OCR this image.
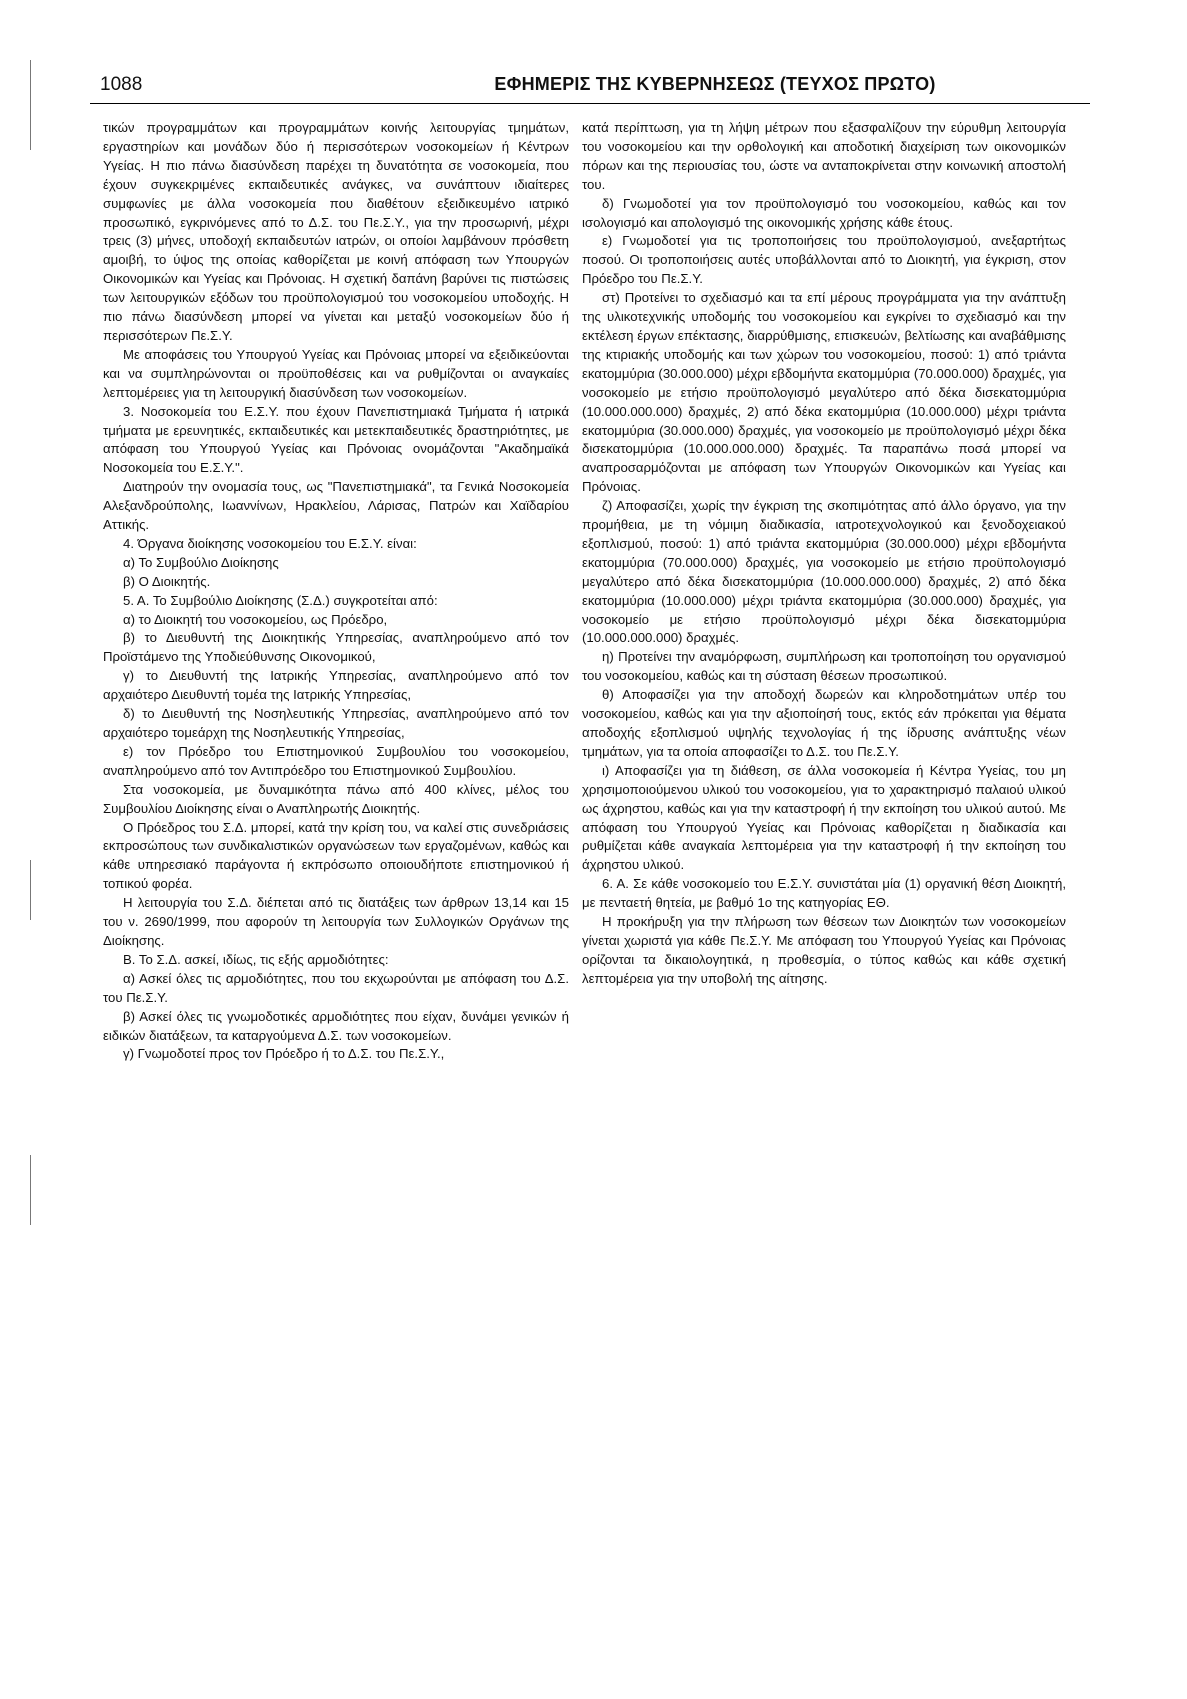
1088	ΕΦΗΜΕΡΙΣ ΤΗΣ ΚΥΒΕΡΝΗΣΕΩΣ (ΤΕΥΧΟΣ ΠΡΩΤΟ)

τικών προγραμμάτων και προγραμμάτων κοινής λειτουργίας τμημάτων, εργαστηρίων και μονάδων δύο ή περισσότερων νοσοκομείων ή Κέντρων Υγείας. Η πιο πάνω διασύνδεση παρέχει τη δυνατότητα σε νοσοκομεία, που έχουν συγκεκριμένες εκπαιδευτικές ανάγκες, να συνάπτουν ιδιαίτερες συμφωνίες με άλλα νοσοκομεία που διαθέτουν εξειδικευμένο ιατρικό προσωπικό, εγκρινόμενες από το Δ.Σ. του Πε.Σ.Υ., για την προσωρινή, μέχρι τρεις (3) μήνες, υποδοχή εκπαιδευτών ιατρών, οι οποίοι λαμβάνουν πρόσθετη αμοιβή, το ύψος της οποίας καθορίζεται με κοινή απόφαση των Υπουργών Οικονομικών και Υγείας και Πρόνοιας. Η σχετική δαπάνη βαρύνει τις πιστώσεις των λειτουργικών εξόδων του προϋπολογισμού του νοσοκομείου υποδοχής. Η πιο πάνω διασύνδεση μπορεί να γίνεται και μεταξύ νοσοκομείων δύο ή περισσότερων Πε.Σ.Υ.

Με αποφάσεις του Υπουργού Υγείας και Πρόνοιας μπορεί να εξειδικεύονται και να συμπληρώνονται οι προϋποθέσεις και να ρυθμίζονται οι αναγκαίες λεπτομέρειες για τη λειτουργική διασύνδεση των νοσοκομείων.

3. Νοσοκομεία του Ε.Σ.Υ. που έχουν Πανεπιστημιακά Τμήματα ή ιατρικά τμήματα με ερευνητικές, εκπαιδευτικές και μετεκπαιδευτικές δραστηριότητες, με απόφαση του Υπουργού Υγείας και Πρόνοιας ονομάζονται "Ακαδημαϊκά Νοσοκομεία του Ε.Σ.Υ.".

Διατηρούν την ονομασία τους, ως "Πανεπιστημιακά", τα Γενικά Νοσοκομεία Αλεξανδρούπολης, Ιωαννίνων, Ηρακλείου, Λάρισας, Πατρών και Χαϊδαρίου Αττικής.

4. Όργανα διοίκησης νοσοκομείου του Ε.Σ.Υ. είναι:

α) Το Συμβούλιο Διοίκησης

β) Ο Διοικητής.

5. Α. Το Συμβούλιο Διοίκησης (Σ.Δ.) συγκροτείται από:

α) το Διοικητή του νοσοκομείου, ως Πρόεδρο,

β) το Διευθυντή της Διοικητικής Υπηρεσίας, αναπληρούμενο από τον Προϊστάμενο της Υποδιεύθυνσης Οικονομικού,

γ) το Διευθυντή της Ιατρικής Υπηρεσίας, αναπληρούμενο από τον αρχαιότερο Διευθυντή τομέα της Ιατρικής Υπηρεσίας,

δ) το Διευθυντή της Νοσηλευτικής Υπηρεσίας, αναπληρούμενο από τον αρχαιότερο τομεάρχη της Νοσηλευτικής Υπηρεσίας,

ε) τον Πρόεδρο του Επιστημονικού Συμβουλίου του νοσοκομείου, αναπληρούμενο από τον Αντιπρόεδρο του Επιστημονικού Συμβουλίου.

Στα νοσοκομεία, με δυναμικότητα πάνω από 400 κλίνες, μέλος του Συμβουλίου Διοίκησης είναι ο Αναπληρωτής Διοικητής.

Ο Πρόεδρος του Σ.Δ. μπορεί, κατά την κρίση του, να καλεί στις συνεδριάσεις εκπροσώπους των συνδικαλιστικών οργανώσεων των εργαζομένων, καθώς και κάθε υπηρεσιακό παράγοντα ή εκπρόσωπο οποιουδήποτε επιστημονικού ή τοπικού φορέα.

Η λειτουργία του Σ.Δ. διέπεται από τις διατάξεις των άρθρων 13,14 και 15 του ν. 2690/1999, που αφορούν τη λειτουργία των Συλλογικών Οργάνων της Διοίκησης.

Β. Το Σ.Δ. ασκεί, ιδίως, τις εξής αρμοδιότητες:

α) Ασκεί όλες τις αρμοδιότητες, που του εκχωρούνται με απόφαση του Δ.Σ. του Πε.Σ.Υ.

β) Ασκεί όλες τις γνωμοδοτικές αρμοδιότητες που είχαν, δυνάμει γενικών ή ειδικών διατάξεων, τα καταργούμενα Δ.Σ. των νοσοκομείων.

γ) Γνωμοδοτεί προς τον Πρόεδρο ή το Δ.Σ. του Πε.Σ.Υ.,

κατά περίπτωση, για τη λήψη μέτρων που εξασφαλίζουν την εύρυθμη λειτουργία του νοσοκομείου και την ορθολογική και αποδοτική διαχείριση των οικονομικών πόρων και της περιουσίας του, ώστε να ανταποκρίνεται στην κοινωνική αποστολή του.

δ) Γνωμοδοτεί για τον προϋπολογισμό του νοσοκομείου, καθώς και τον ισολογισμό και απολογισμό της οικονομικής χρήσης κάθε έτους.

ε) Γνωμοδοτεί για τις τροποποιήσεις του προϋπολογισμού, ανεξαρτήτως ποσού. Οι τροποποιήσεις αυτές υποβάλλονται από το Διοικητή, για έγκριση, στον Πρόεδρο του Πε.Σ.Υ.

στ) Προτείνει το σχεδιασμό και τα επί μέρους προγράμματα για την ανάπτυξη της υλικοτεχνικής υποδομής του νοσοκομείου και εγκρίνει το σχεδιασμό και την εκτέλεση έργων επέκτασης, διαρρύθμισης, επισκευών, βελτίωσης και αναβάθμισης της κτιριακής υποδομής και των χώρων του νοσοκομείου, ποσού: 1) από τριάντα εκατομμύρια (30.000.000) μέχρι εβδομήντα εκατομμύρια (70.000.000) δραχμές, για νοσοκομείο με ετήσιο προϋπολογισμό μεγαλύτερο από δέκα δισεκατομμύρια (10.000.000.000) δραχμές, 2) από δέκα εκατομμύρια (10.000.000) μέχρι τριάντα εκατομμύρια (30.000.000) δραχμές, για νοσοκομείο με προϋπολογισμό μέχρι δέκα δισεκατομμύρια (10.000.000.000) δραχμές. Τα παραπάνω ποσά μπορεί να αναπροσαρμόζονται με απόφαση των Υπουργών Οικονομικών και Υγείας και Πρόνοιας.

ζ) Αποφασίζει, χωρίς την έγκριση της σκοπιμότητας από άλλο όργανο, για την προμήθεια, με τη νόμιμη διαδικασία, ιατροτεχνολογικού και ξενοδοχειακού εξοπλισμού, ποσού: 1) από τριάντα εκατομμύρια (30.000.000) μέχρι εβδομήντα εκατομμύρια (70.000.000) δραχμές, για νοσοκομείο με ετήσιο προϋπολογισμό μεγαλύτερο από δέκα δισεκατομμύρια (10.000.000.000) δραχμές, 2) από δέκα εκατομμύρια (10.000.000) μέχρι τριάντα εκατομμύρια (30.000.000) δραχμές, για νοσοκομείο με ετήσιο προϋπολογισμό μέχρι δέκα δισεκατομμύρια (10.000.000.000) δραχμές.

η) Προτείνει την αναμόρφωση, συμπλήρωση και τροποποίηση του οργανισμού του νοσοκομείου, καθώς και τη σύσταση θέσεων προσωπικού.

θ) Αποφασίζει για την αποδοχή δωρεών και κληροδοτημάτων υπέρ του νοσοκομείου, καθώς και για την αξιοποίησή τους, εκτός εάν πρόκειται για θέματα αποδοχής εξοπλισμού υψηλής τεχνολογίας ή της ίδρυσης ανάπτυξης νέων τμημάτων, για τα οποία αποφασίζει το Δ.Σ. του Πε.Σ.Υ.

ι) Αποφασίζει για τη διάθεση, σε άλλα νοσοκομεία ή Κέντρα Υγείας, του μη χρησιμοποιούμενου υλικού του νοσοκομείου, για το χαρακτηρισμό παλαιού υλικού ως άχρηστου, καθώς και για την καταστροφή ή την εκποίηση του υλικού αυτού. Με απόφαση του Υπουργού Υγείας και Πρόνοιας καθορίζεται η διαδικασία και ρυθμίζεται κάθε αναγκαία λεπτομέρεια για την καταστροφή ή την εκποίηση του άχρηστου υλικού.

6. Α. Σε κάθε νοσοκομείο του Ε.Σ.Υ. συνιστάται μία (1) οργανική θέση Διοικητή, με πενταετή θητεία, με βαθμό 1ο της κατηγορίας ΕΘ.

Η προκήρυξη για την πλήρωση των θέσεων των Διοικητών των νοσοκομείων γίνεται χωριστά για κάθε Πε.Σ.Υ. Με απόφαση του Υπουργού Υγείας και Πρόνοιας ορίζονται τα δικαιολογητικά, η προθεσμία, ο τύπος καθώς και κάθε σχετική λεπτομέρεια για την υποβολή της αίτησης.
